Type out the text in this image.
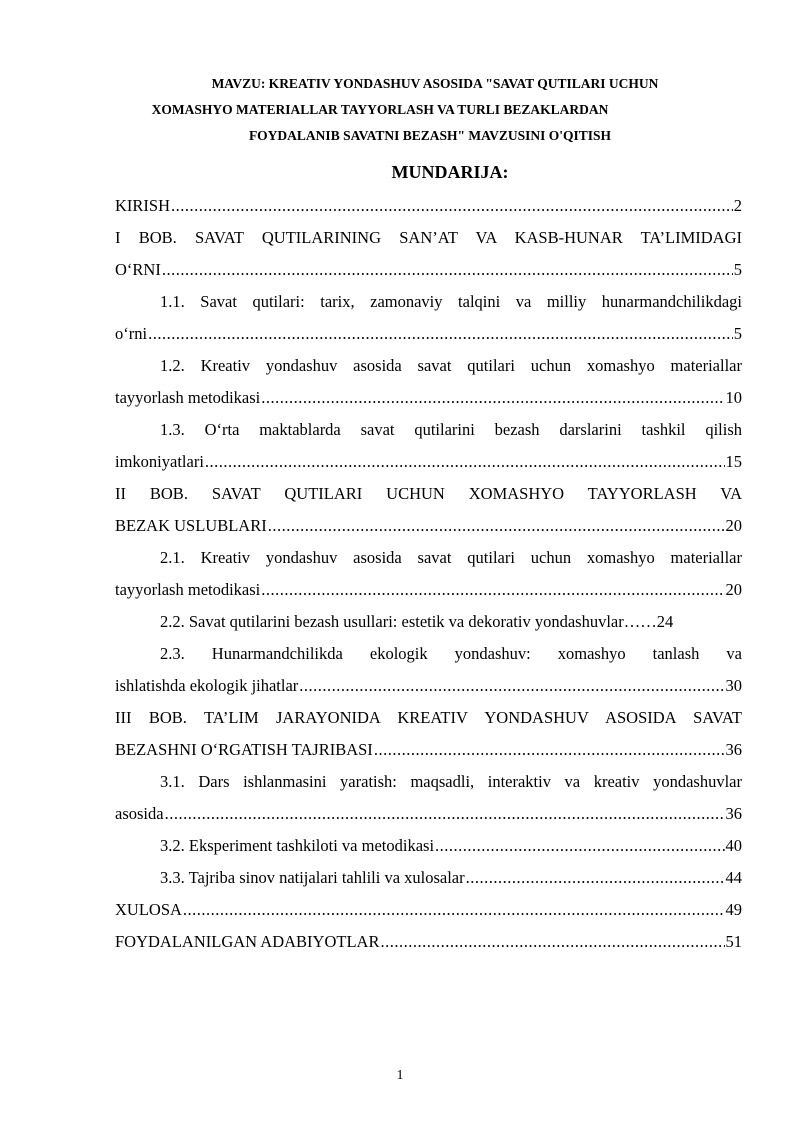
MAVZU: KREATIV YONDASHUV ASOSIDA "SAVAT QUTILARI UCHUN
XOMASHYO MATERIALLAR TAYYORLASH VA TURLI BEZAKLARDAN
FOYDALANIB SAVATNI BEZASH" MAVZUSINI O'QITISH
MUNDARIJA:
KIRISH .....	2
I BOB. SAVAT QUTILARINING SAN’AT VA KASB-HUNAR TA’LIMIDAGI
O‘RNI .....	5
1.1. Savat qutilari: tarix, zamonaviy talqini va milliy hunarmandchilikdagi
o‘rni .....	5
1.2. Kreativ yondashuv asosida savat qutilari uchun xomashyo materiallar
tayyorlash metodikasi .....	10
1.3. O‘rta maktablarda savat qutilarini bezash darslarini tashkil qilish
imkoniyatlari .....	15
II BOB. SAVAT QUTILARI UCHUN XOMASHYO TAYYORLASH VA
BEZAK USLUBLARI .....	20
2.1. Kreativ yondashuv asosida savat qutilari uchun xomashyo materiallar
tayyorlash metodikasi .....	20
2.2. Savat qutilarini bezash usullari: estetik va dekorativ yondashuvlar ……24
2.3. Hunarmandchilikda ekologik yondashuv: xomashyo tanlash va
ishlatishda ekologik jihatlar .....	30
III BOB. TA’LIM JARAYONIDA KREATIV YONDASHUV ASOSIDA SAVAT
BEZASHNI O‘RGATISH TAJRIBASI .....	36
3.1. Dars ishlanmasini yaratish: maqsadli, interaktiv va kreativ yondashuvlar
asosida .....	36
3.2. Eksperiment tashkiloti va metodikasi .....	40
3.3. Tajriba sinov natijalari tahlili va xulosalar .....	44
XULOSA .....	49
FOYDALANILGAN ADABIYOTLAR .....	51
1
